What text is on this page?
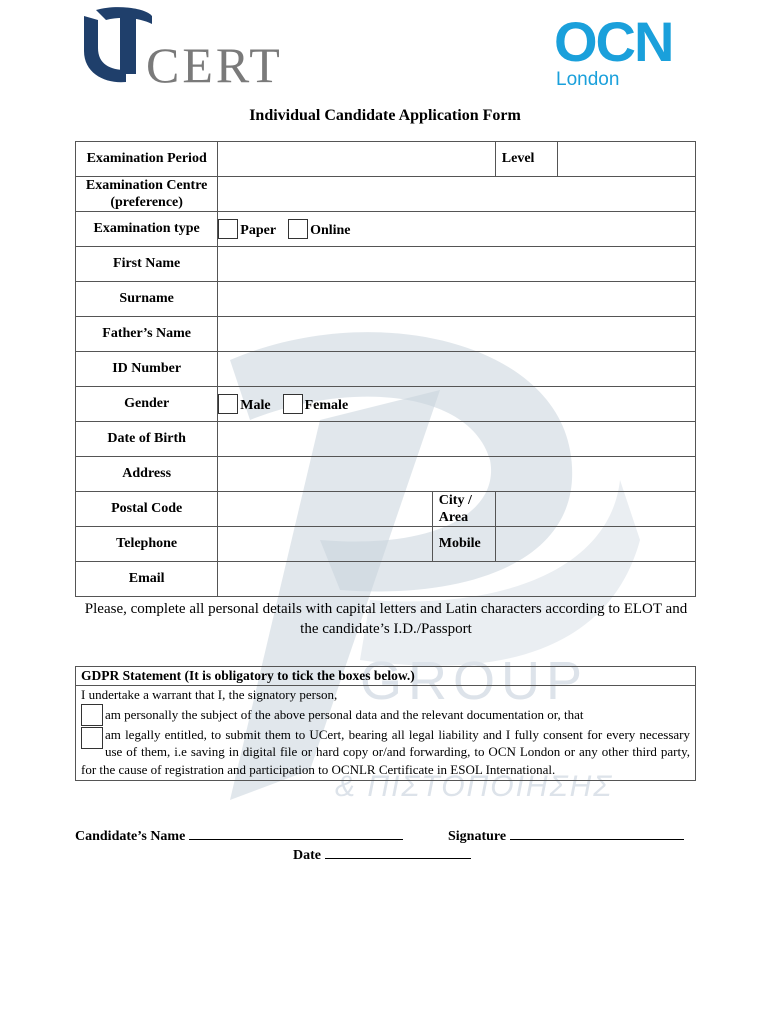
GROUP
& ΠΙΣΤΟΠΟΙΗΣΗΣ
CERT	OCN
London
Individual Candidate Application Form
Examination Period			Level	
Examination Centre (preference)				
Examination type	Paper Online			

First Name				
Surname				
Father’s Name				
ID Number				
Gender	Male Female			

Date of Birth				
Address				
Postal Code		City / Area		
Telephone		Mobile		
Email				
Please, complete all personal details with capital letters and Latin characters according to ELOT and the candidate’s I.D./Passport
GDPR Statement (It is obligatory to tick the boxes below.)
I undertake a warrant that I, the signatory person,
am personally the subject of the above personal data and the relevant documentation or, that
am legally entitled, to submit them to UCert, bearing all legal liability and I fully consent for every necessary use of them, i.e saving in digital file or hard copy or/and forwarding, to OCN London or any other third party, for the cause of registration and participation to OCNLR Certificate in ESOL International.
Candidate’s Name	Signature
Date
